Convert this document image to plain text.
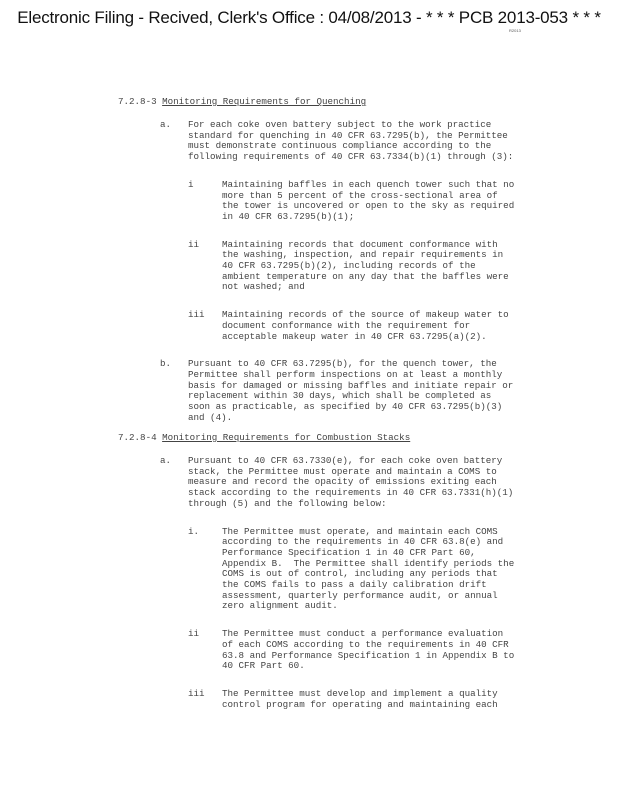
Electronic Filing - Recived, Clerk's Office : 04/08/2013 - * * * PCB 2013-053 * * *
R2013
7.2.8-3 Monitoring Requirements for Quenching
a. For each coke oven battery subject to the work practice
standard for quenching in 40 CFR 63.7295(b), the Permittee
must demonstrate continuous compliance according to the
following requirements of 40 CFR 63.7334(b)(1) through (3):
i	Maintaining baffles in each quench tower such that no
more than 5 percent of the cross-sectional area of
the tower is uncovered or open to the sky as required
in 40 CFR 63.7295(b)(1);
ii Maintaining records that document conformance with
the washing, inspection, and repair requirements in
40 CFR 63.7295(b)(2), including records of the
ambient temperature on any day that the baffles were
not washed; and
iii Maintaining records of the source of makeup water to
document conformance with the requirement for
acceptable makeup water in 40 CFR 63.7295(a)(2).
b. Pursuant to 40 CFR 63.7295(b), for the quench tower, the
Permittee shall perform inspections on at least a monthly
basis for damaged or missing baffles and initiate repair or
replacement within 30 days, which shall be completed as
soon as practicable, as specified by 40 CFR 63.7295(b)(3)
and (4).
7.2.8-4 Monitoring Requirements for Combustion Stacks
a. Pursuant to 40 CFR 63.7330(e), for each coke oven battery
stack, the Permittee must operate and maintain a COMS to
measure and record the opacity of emissions exiting each
stack according to the requirements in 40 CFR 63.7331(h)(1)
through (5) and the following below:
i. The Permittee must operate, and maintain each COMS
according to the requirements in 40 CFR 63.8(e) and
Performance Specification 1 in 40 CFR Part 60,
Appendix B.  The Permittee shall identify periods the
COMS is out of control, including any periods that
the COMS fails to pass a daily calibration drift
assessment, quarterly performance audit, or annual
zero alignment audit.
ii The Permittee must conduct a performance evaluation
of each COMS according to the requirements in 40 CFR
63.8 and Performance Specification 1 in Appendix B to
40 CFR Part 60.
iii The Permittee must develop and implement a quality
control program for operating and maintaining each
